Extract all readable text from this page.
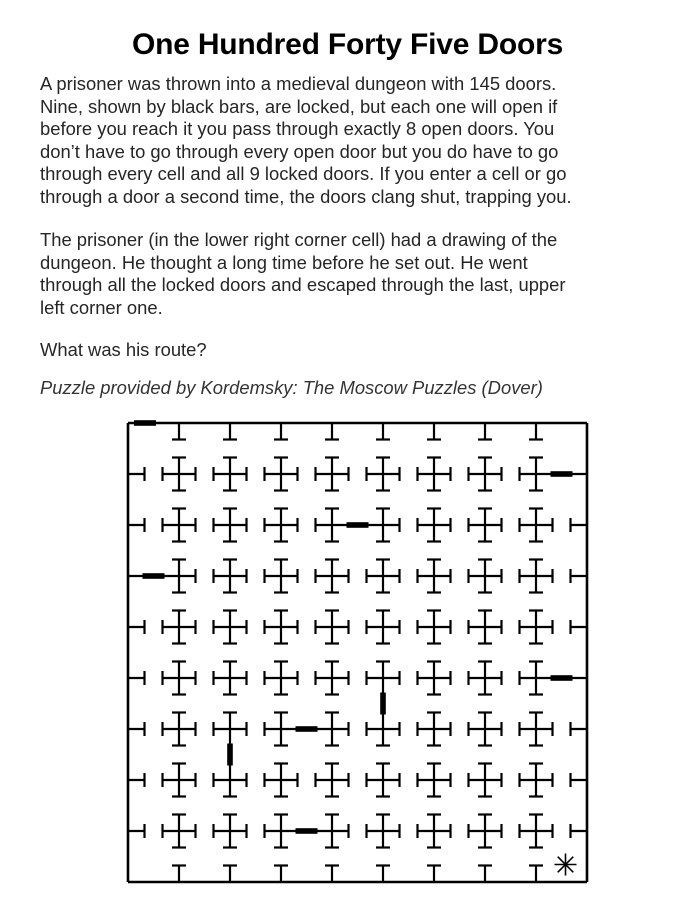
One Hundred Forty Five Doors
A prisoner was thrown into a medieval dungeon with 145 doors.
Nine, shown by black bars, are locked, but each one will open if
before you reach it you pass through exactly 8 open doors. You
don’t have to go through every open door but you do have to go
through every cell and all 9 locked doors. If you enter a cell or go
through a door a second time, the doors clang shut, trapping you.
The prisoner (in the lower right corner cell) had a drawing of the
dungeon. He thought a long time before he set out. He went
through all the locked doors and escaped through the last, upper
left corner one.
What was his route?
Puzzle provided by Kordemsky: The Moscow Puzzles (Dover)
